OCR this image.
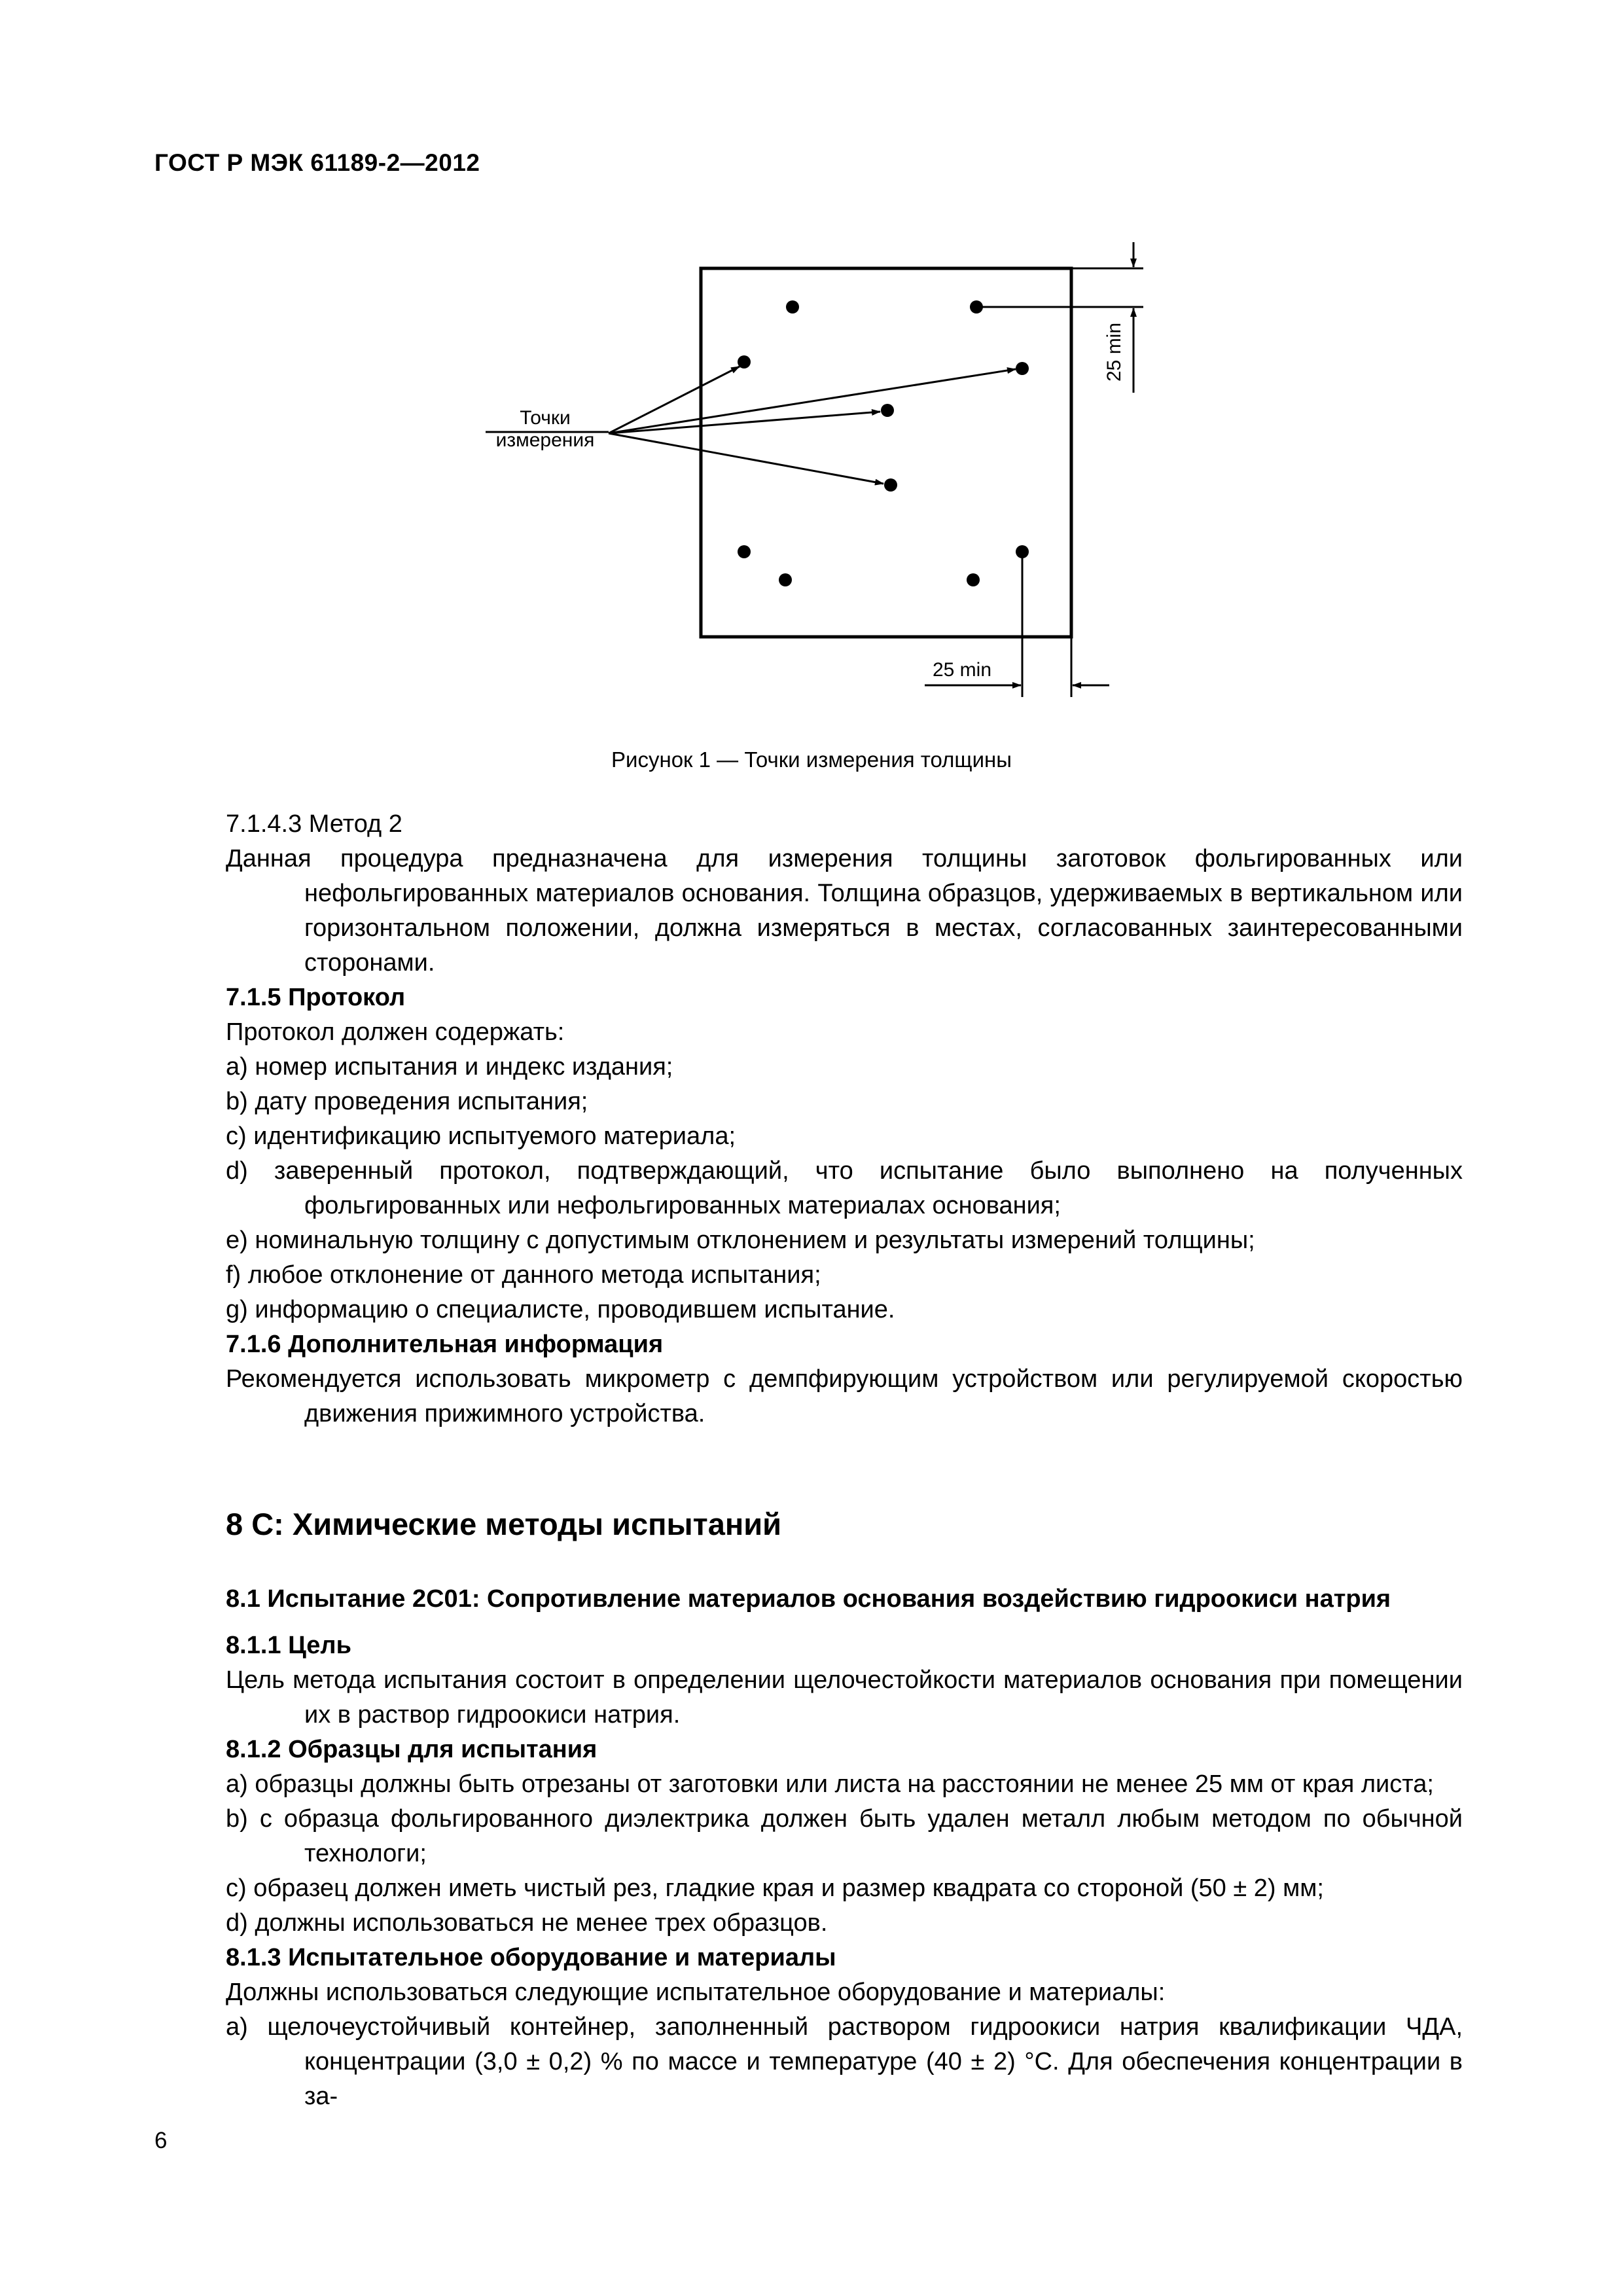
ГОСТ Р МЭК 61189-2—2012
Точки
измерения
25 min
25 min
Рисунок 1 — Точки измерения толщины

7.1.4.3 Метод 2

Данная процедура предназначена для измерения толщины заготовок фольгированных или нефольгированных материалов основания. Толщина образцов, удерживаемых в вертикальном или горизонтальном положении, должна измеряться в местах, согласованных заинтересованными сторонами.

7.1.5 Протокол

Протокол должен содержать:

a) номер испытания и индекс издания;

b) дату проведения испытания;

c) идентификацию испытуемого материала;

d) заверенный протокол, подтверждающий, что испытание было выполнено на полученных фольгированных или нефольгированных материалах основания;

e) номинальную толщину с допустимым отклонением и результаты измерений толщины;

f) любое отклонение от данного метода испытания;

g) информацию о специалисте, проводившем испытание.

7.1.6 Дополнительная информация

Рекомендуется использовать микрометр с демпфирующим устройством или регулируемой скоростью движения прижимного устройства.

8 C: Химические методы испытаний

8.1 Испытание 2C01: Сопротивление материалов основания воздействию гидроокиси натрия

8.1.1 Цель

Цель метода испытания состоит в определении щелочестойкости материалов основания при помещении их в раствор гидроокиси натрия.

8.1.2 Образцы для испытания

а) образцы должны быть отрезаны от заготовки или листа на расстоянии не менее 25 мм от края листа;

b) с образца фольгированного диэлектрика должен быть удален металл любым методом по обычной технологи;

c) образец должен иметь чистый рез, гладкие края и размер квадрата со стороной (50 ± 2) мм;

d) должны использоваться не менее трех образцов.

8.1.3 Испытательное оборудование и материалы

Должны использоваться следующие испытательное оборудование и материалы:

а) щелочеустойчивый контейнер, заполненный раствором гидроокиси натрия квалификации ЧДА, концентрации (3,0 ± 0,2) % по массе и температуре (40 ± 2) °С. Для обеспечения концентрации в за-

6
